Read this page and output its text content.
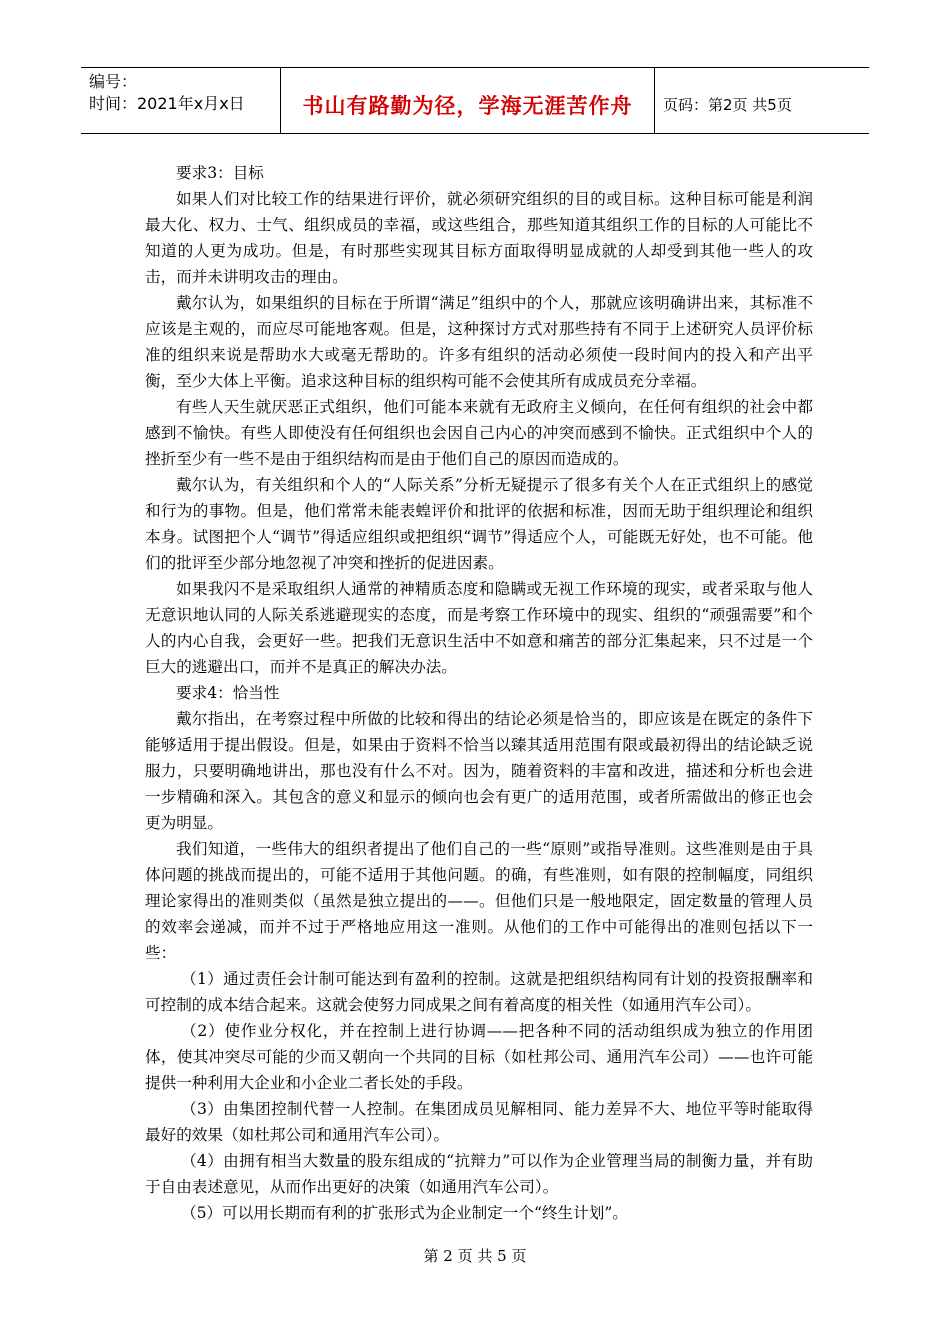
编号：
时间：2021年x月x日	书山有路勤为径，学海无涯苦作舟 页码：第2页 共5页

要求3：目标

如果人们对比较工作的结果进行评价，就必须研究组织的目的或目标。这种目标可能是利润最大化、权力、士气、组织成员的幸福，或这些组合，那些知道其组织工作的目标的人可能比不知道的人更为成功。但是，有时那些实现其目标方面取得明显成就的人却受到其他一些人的攻击，而并未讲明攻击的理由。

戴尔认为，如果组织的目标在于所谓“满足”组织中的个人，那就应该明确讲出来，其标准不应该是主观的，而应尽可能地客观。但是，这种探讨方式对那些持有不同于上述研究人员评价标准的组织来说是帮助水大或毫无帮助的。许多有组织的活动必须使一段时间内的投入和产出平衡，至少大体上平衡。追求这种目标的组织构可能不会使其所有成成员充分幸福。

有些人天生就厌恶正式组织，他们可能本来就有无政府主义倾向，在任何有组织的社会中都感到不愉快。有些人即使没有任何组织也会因自己内心的冲突而感到不愉快。正式组织中个人的挫折至少有一些不是由于组织结构而是由于他们自己的原因而造成的。

戴尔认为，有关组织和个人的“人际关系”分析无疑提示了很多有关个人在正式组织上的感觉和行为的事物。但是，他们常常未能表蝗评价和批评的依据和标准，因而无助于组织理论和组织本身。试图把个人“调节”得适应组织或把组织“调节”得适应个人，可能既无好处，也不可能。他们的批评至少部分地忽视了冲突和挫折的促进因素。

如果我闪不是采取组织人通常的神精质态度和隐瞒或无视工作环境的现实，或者采取与他人无意识地认同的人际关系逃避现实的态度，而是考察工作环境中的现实、组织的“顽强需要”和个人的内心自我，会更好一些。把我们无意识生活中不如意和痛苦的部分汇集起来，只不过是一个巨大的逃避出口，而并不是真正的解决办法。

要求4：恰当性

戴尔指出，在考察过程中所做的比较和得出的结论必须是恰当的，即应该是在既定的条件下能够适用于提出假设。但是，如果由于资料不恰当以臻其适用范围有限或最初得出的结论缺乏说服力，只要明确地讲出，那也没有什么不对。因为，随着资料的丰富和改进，描述和分析也会进一步精确和深入。其包含的意义和显示的倾向也会有更广的适用范围，或者所需做出的修正也会更为明显。

我们知道，一些伟大的组织者提出了他们自己的一些“原则”或指导准则。这些准则是由于具体问题的挑战而提出的，可能不适用于其他问题。的确，有些准则，如有限的控制幅度，同组织理论家得出的准则类似（虽然是独立提出的——。但他们只是一般地限定，固定数量的管理人员的效率会递减，而并不过于严格地应用这一准则。从他们的工作中可能得出的准则包括以下一些：

（1）通过责任会计制可能达到有盈利的控制。这就是把组织结构同有计划的投资报酬率和可控制的成本结合起来。这就会使努力同成果之间有着高度的相关性（如通用汽车公司）。

（2）使作业分权化，并在控制上进行协调——把各种不同的活动组织成为独立的作用团体，使其冲突尽可能的少而又朝向一个共同的目标（如杜邦公司、通用汽车公司）——也许可能提供一种利用大企业和小企业二者长处的手段。

（3）由集团控制代替一人控制。在集团成员见解相同、能力差异不大、地位平等时能取得最好的效果（如杜邦公司和通用汽车公司）。

（4）由拥有相当大数量的股东组成的“抗辩力”可以作为企业管理当局的制衡力量，并有助于自由表述意见，从而作出更好的决策（如通用汽车公司）。

（5）可以用长期而有利的扩张形式为企业制定一个“终生计划”。

第 2 页 共 5 页
